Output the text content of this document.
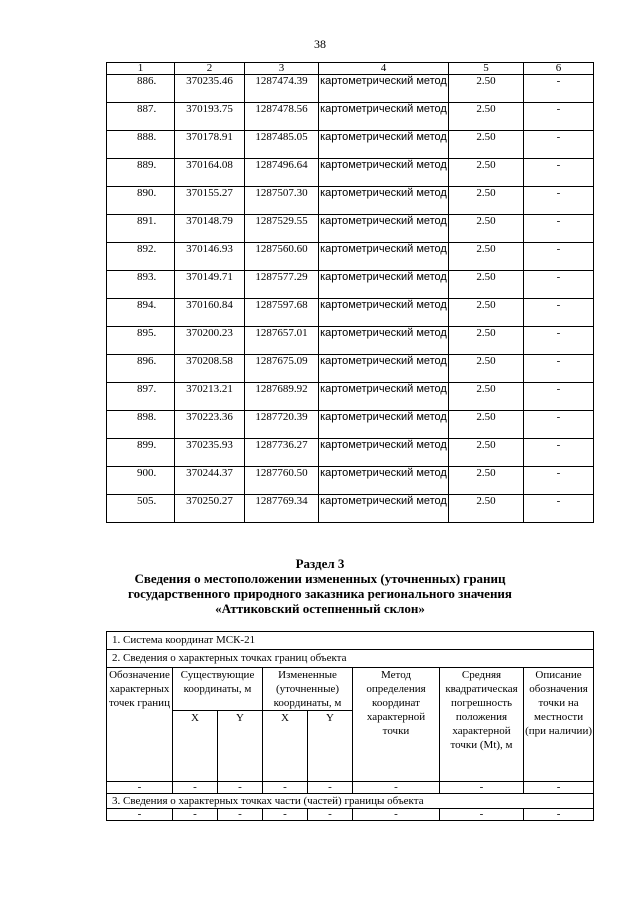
38
1	2	3	4	5	6
886.	370235.46	1287474.39	картометрический метод	2.50	-
887.	370193.75	1287478.56	картометрический метод	2.50	-
888.	370178.91	1287485.05	картометрический метод	2.50	-
889.	370164.08	1287496.64	картометрический метод	2.50	-
890.	370155.27	1287507.30	картометрический метод	2.50	-
891.	370148.79	1287529.55	картометрический метод	2.50	-
892.	370146.93	1287560.60	картометрический метод	2.50	-
893.	370149.71	1287577.29	картометрический метод	2.50	-
894.	370160.84	1287597.68	картометрический метод	2.50	-
895.	370200.23	1287657.01	картометрический метод	2.50	-
896.	370208.58	1287675.09	картометрический метод	2.50	-
897.	370213.21	1287689.92	картометрический метод	2.50	-
898.	370223.36	1287720.39	картометрический метод	2.50	-
899.	370235.93	1287736.27	картометрический метод	2.50	-
900.	370244.37	1287760.50	картометрический метод	2.50	-
505.	370250.27	1287769.34	картометрический метод	2.50	-
Раздел 3
Сведения о местоположении измененных (уточненных) границ
государственного природного заказника регионального значения
«Аттиковский остепненный склон»
1. Система координат МСК-21							
2. Сведения о характерных точках границ объекта							
Обозначение характерных точек границ	Существующие координаты, м		Измененные (уточненные) координаты, м		Метод определения координат характерной точки	Средняя квадратическая погрешность положения характерной точки (Mt), м	Описание обозначения точки на местности (при наличии)
	X	Y	X	Y			
-	-	-	-	-	-	-	-
3. Сведения о характерных точках части (частей) границы объекта							
-	-	-	-	-	-	-	-
